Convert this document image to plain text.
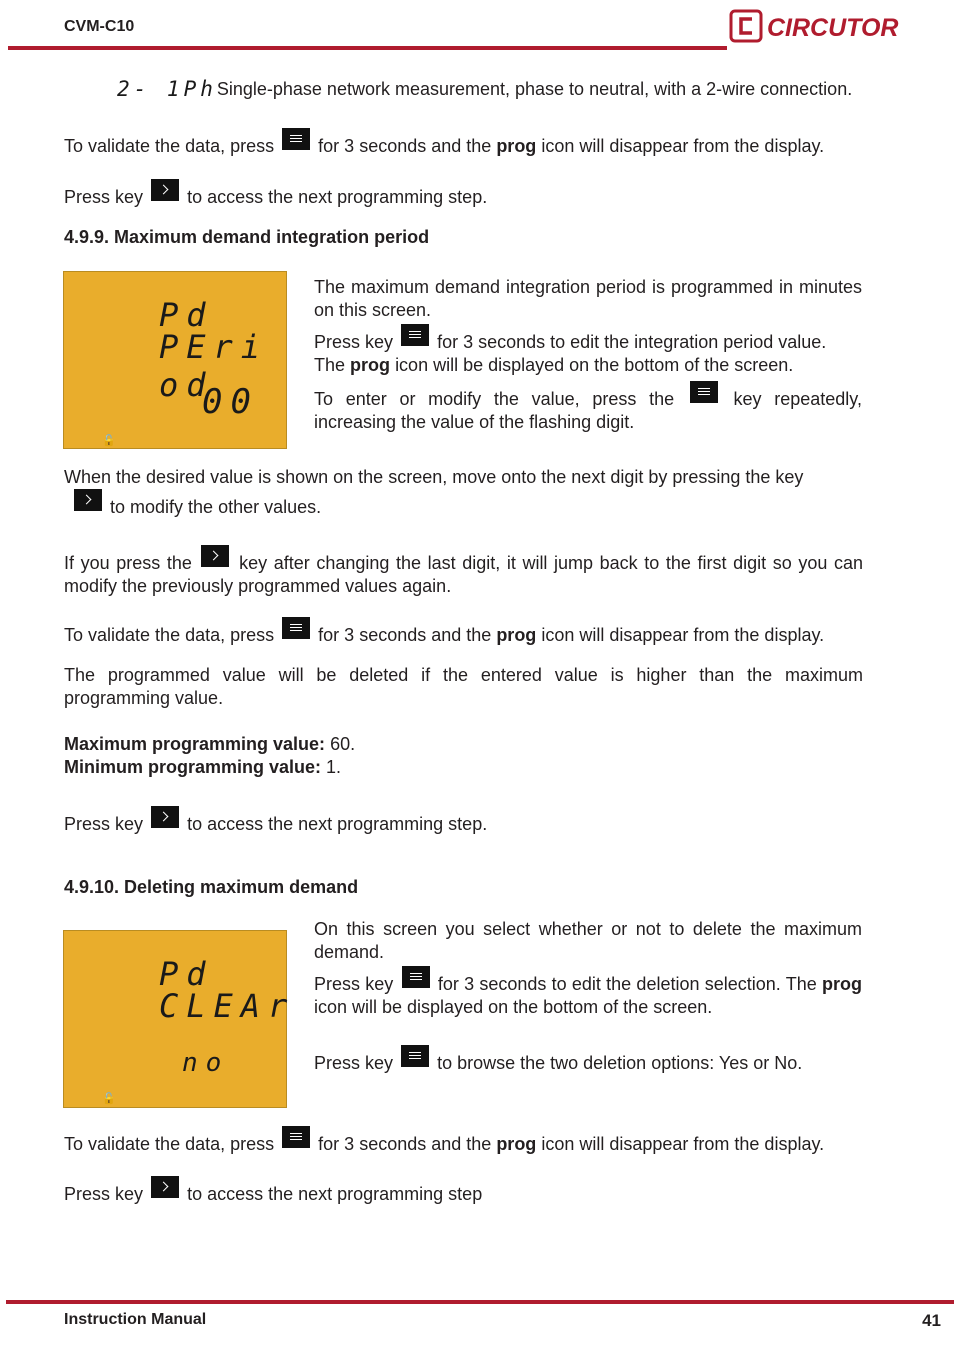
CVM-C10	CIRCUTOR
2- 1PhSingle-phase network measurement, phase to neutral, with a 2-wire connection.
To validate the data, press for 3 seconds and the prog icon will disappear from the display.
Press key to access the next programming step.
4.9.9. Maximum demand integration period
Pd
PEri od
00
🔓
The maximum demand integration period is programmed in minutes on this screen.
Press key for 3 seconds to edit the integration period value.
The prog icon will be displayed on the bottom of the screen.
To enter or modify the value, press the	key repeatedly, increasing the value of the flashing digit.
When the desired value is shown on the screen, move onto the next digit by pressing the key
to modify the other values.
If you press the	key after changing the last digit, it will jump back to the first digit so you can modify the previously programmed values again.
To validate the data, press for 3 seconds and the prog icon will disappear from the display.
The programmed value will be deleted if the entered value is higher than the maximum programming value.
Maximum programming value: 60.
Minimum programming value: 1.
Press key to access the next programming step.
4.9.10. Deleting maximum demand
Pd
CLEAr
no
🔓
On this screen you select whether or not to delete the maximum demand.
Press key for 3 seconds to edit the deletion selection. The prog icon will be displayed on the bottom of the screen.
Press key to browse the two deletion options: Yes or No.
To validate the data, press for 3 seconds and the prog icon will disappear from the display.
Press key to access the next programming step
Instruction Manual	41
